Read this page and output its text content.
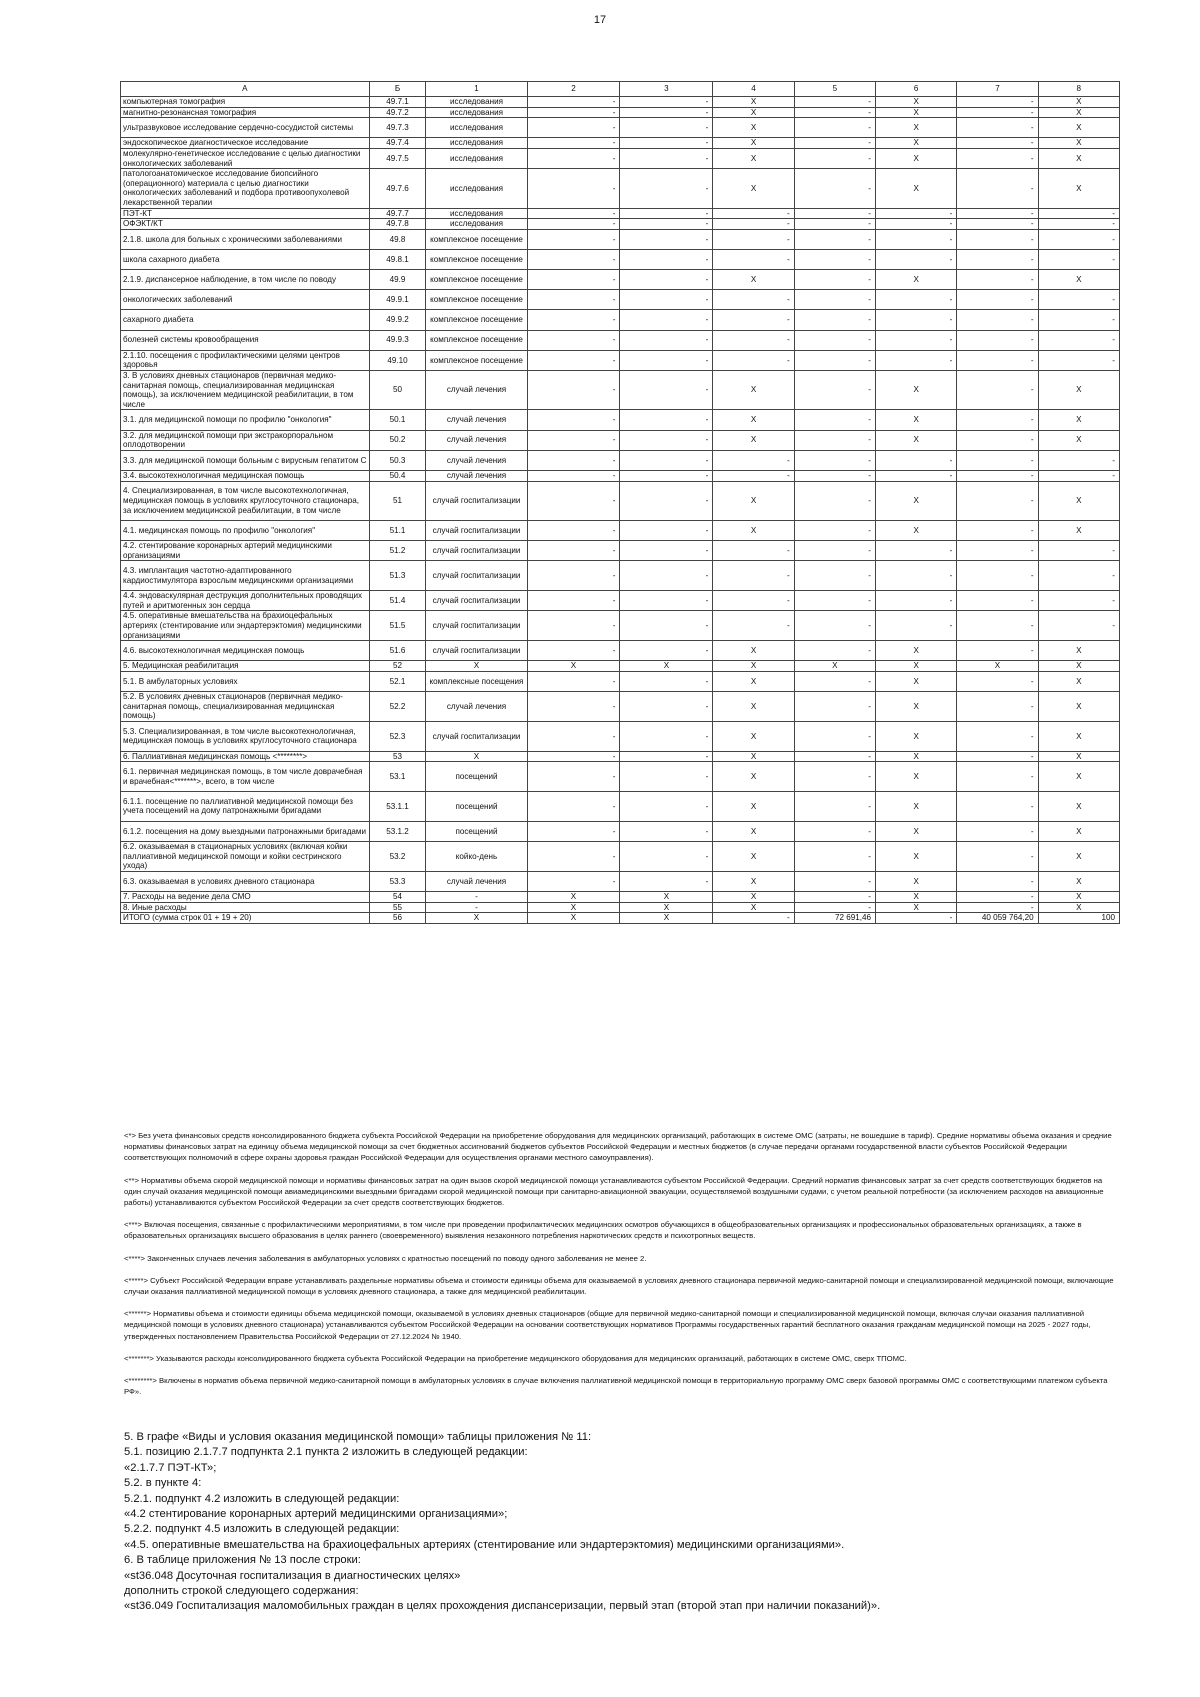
17
А	Б	1	2	3	4	5	6	7	8
компьютерная томография	49.7.1	исследования	-	-	Х	-	Х	-	Х
магнитно-резонансная томография	49.7.2	исследования	-	-	Х	-	Х	-	Х
ультразвуковое исследование сердечно-сосудистой системы	49.7.3	исследования	-	-	Х	-	Х	-	Х
эндоскопическое диагностическое исследование	49.7.4	исследования	-	-	Х	-	Х	-	Х
молекулярно-генетическое исследование с целью диагностики онкологических заболеваний	49.7.5	исследования	-	-	Х	-	Х	-	Х
патологоанатомическое исследование биопсийного (операционного) материала с целью диагностики онкологических заболеваний и подбора противоопухолевой лекарственной терапии	49.7.6	исследования	-	-	Х	-	Х	-	Х
ПЭТ-КТ	49.7.7	исследования	-	-	-	-	-	-	-
ОФЭКТ/КТ	49.7.8	исследования	-	-	-	-	-	-	-
2.1.8. школа для больных с хроническими заболеваниями	49.8	комплексное посещение	-	-	-	-	-	-	-
школа сахарного диабета	49.8.1	комплексное посещение	-	-	-	-	-	-	-
2.1.9. диспансерное наблюдение, в том числе по поводу	49.9	комплексное посещение	-	-	Х	-	Х	-	Х
онкологических заболеваний	49.9.1	комплексное посещение	-	-	-	-	-	-	-
сахарного диабета	49.9.2	комплексное посещение	-	-	-	-	-	-	-
болезней системы кровообращения	49.9.3	комплексное посещение	-	-	-	-	-	-	-
2.1.10. посещения с профилактическими целями центров здоровья	49.10	комплексное посещение	-	-	-	-	-	-	-
3. В условиях дневных стационаров (первичная медико-санитарная помощь, специализированная медицинская помощь), за исключением медицинской реабилитации, в том числе	50	случай лечения	-	-	Х	-	Х	-	Х
3.1. для медицинской помощи по профилю "онкология"	50.1	случай лечения	-	-	Х	-	Х	-	Х
3.2. для медицинской помощи при экстракорпоральном оплодотворении	50.2	случай лечения	-	-	Х	-	Х	-	Х
3.3. для медицинской помощи больным с вирусным гепатитом С	50.3	случай лечения	-	-	-	-	-	-	-
3.4. высокотехнологичная медицинская помощь	50.4	случай лечения	-	-	-	-	-	-	-
4. Специализированная, в том числе высокотехнологичная, медицинская помощь в условиях круглосуточного стационара, за исключением медицинской реабилитации, в том числе	51	случай госпитализации	-	-	Х	-	Х	-	Х
4.1. медицинская помощь по профилю "онкология"	51.1	случай госпитализации	-	-	Х	-	Х	-	Х
4.2. стентирование коронарных артерий медицинскими организациями	51.2	случай госпитализации	-	-	-	-	-	-	-
4.3. имплантация частотно-адаптированного кардиостимулятора взрослым медицинскими организациями	51.3	случай госпитализации	-	-	-	-	-	-	-
4.4. эндоваскулярная деструкция дополнительных проводящих путей и аритмогенных зон сердца	51.4	случай госпитализации	-	-	-	-	-	-	-
4.5. оперативные вмешательства на брахиоцефальных артериях (стентирование или эндартерэктомия) медицинскими организациями	51.5	случай госпитализации	-	-	-	-	-	-	-
4.6. высокотехнологичная медицинская помощь	51.6	случай госпитализации	-	-	Х	-	Х	-	Х
5. Медицинская реабилитация	52	Х	Х	Х	Х	Х	Х	Х	Х
5.1. В амбулаторных условиях	52.1	комплексные посещения	-	-	Х	-	Х	-	Х
5.2. В условиях дневных стационаров (первичная медико-санитарная помощь, специализированная медицинская помощь)	52.2	случай лечения	-	-	Х	-	Х	-	Х
5.3. Специализированная, в том числе высокотехнологичная, медицинская помощь в условиях круглосуточного стационара	52.3	случай госпитализации	-	-	Х	-	Х	-	Х
6. Паллиативная медицинская помощь <********>	53	Х	-	-	Х	-	Х	-	Х
6.1. первичная медицинская помощь, в том числе доврачебная и врачебная<*******>, всего, в том числе	53.1	посещений	-	-	Х	-	Х	-	Х
6.1.1. посещение по паллиативной медицинской помощи без учета посещений на дому патронажными бригадами	53.1.1	посещений	-	-	Х	-	Х	-	Х
6.1.2. посещения на дому выездными патронажными бригадами	53.1.2	посещений	-	-	Х	-	Х	-	Х
6.2. оказываемая в стационарных условиях (включая койки паллиативной медицинской помощи и койки сестринского ухода)	53.2	койко-день	-	-	Х	-	Х	-	Х
6.3. оказываемая в условиях дневного стационара	53.3	случай лечения	-	-	Х	-	Х	-	Х
7. Расходы на ведение дела СМО	54	-	Х	Х	Х	-	Х	-	Х
8. Иные расходы	55	-	Х	Х	Х	-	Х	-	Х
ИТОГО (сумма строк 01 + 19 + 20)	56	Х	Х	Х	-	72 691,46	-	40 059 764,20	100

<*> Без учета финансовых средств консолидированного бюджета субъекта Российской Федерации на приобретение оборудования для медицинских организаций, работающих в системе ОМС (затраты, не вошедшие в тариф). Средние нормативы объема оказания и средние нормативы финансовых затрат на единицу объема медицинской помощи за счет бюджетных ассигнований бюджетов субъектов Российской Федерации и местных бюджетов (в случае передачи органами государственной власти субъектов Российской Федерации соответствующих полномочий в сфере охраны здоровья граждан Российской Федерации для осуществления органами местного самоуправления).

<**> Нормативы объема скорой медицинской помощи и нормативы финансовых затрат на один вызов скорой медицинской помощи устанавливаются субъектом Российской Федерации. Средний норматив финансовых затрат за счет средств соответствующих бюджетов на один случай оказания медицинской помощи авиамедицинскими выездными бригадами скорой медицинской помощи при санитарно-авиационной эвакуации, осуществляемой воздушными судами, с учетом реальной потребности (за исключением расходов на авиационные работы) устанавливаются субъектом Российской Федерации за счет средств соответствующих бюджетов.

<***> Включая посещения, связанные с профилактическими мероприятиями, в том числе при проведении профилактических медицинских осмотров обучающихся в общеобразовательных организациях и профессиональных образовательных организациях, а также в образовательных организациях высшего образования в целях раннего (своевременного) выявления незаконного потребления наркотических средств и психотропных веществ.

<****> Законченных случаев лечения заболевания в амбулаторных условиях с кратностью посещений по поводу одного заболевания не менее 2.

<*****> Субъект Российской Федерации вправе устанавливать раздельные нормативы объема и стоимости единицы объема для оказываемой в условиях дневного стационара первичной медико-санитарной помощи и специализированной медицинской помощи, включающие случаи оказания паллиативной медицинской помощи в условиях дневного стационара, а также для медицинской реабилитации.

<******> Нормативы объема и стоимости единицы объема медицинской помощи, оказываемой в условиях дневных стационаров (общие для первичной медико-санитарной помощи и специализированной медицинской помощи, включая случаи оказания паллиативной медицинской помощи в условиях дневного стационара) устанавливаются субъектом Российской Федерации на основании соответствующих нормативов Программы государственных гарантий бесплатного оказания гражданам медицинской помощи на 2025 - 2027 годы, утвержденных постановлением Правительства Российской Федерации от 27.12.2024 № 1940.

<*******> Указываются расходы консолидированного бюджета субъекта Российской Федерации на приобретение медицинского оборудования для медицинских организаций, работающих в системе ОМС, сверх ТПОМС.

<********> Включены в норматив объема первичной медико-санитарной помощи в амбулаторных условиях в случае включения паллиативной медицинской помощи в территориальную программу ОМС сверх базовой программы ОМС с соответствующими платежом субъекта РФ».

5. В графе «Виды и условия оказания медицинской помощи» таблицы приложения № 11:
5.1. позицию 2.1.7.7 подпункта 2.1 пункта 2 изложить в следующей редакции:
«2.1.7.7 ПЭТ-КТ»;
5.2. в пункте 4:
5.2.1. подпункт 4.2 изложить в следующей редакции:
«4.2 стентирование коронарных артерий медицинскими организациями»;
5.2.2. подпункт 4.5 изложить в следующей редакции:
«4.5. оперативные вмешательства на брахиоцефальных артериях (стентирование или эндартерэктомия) медицинскими организациями».
6. В таблице приложения № 13 после строки:
«st36.048 Досуточная госпитализация в диагностических целях»
дополнить строкой следующего содержания:
«st36.049 Госпитализация маломобильных граждан в целях прохождения диспансеризации, первый этап (второй этап при наличии показаний)».
